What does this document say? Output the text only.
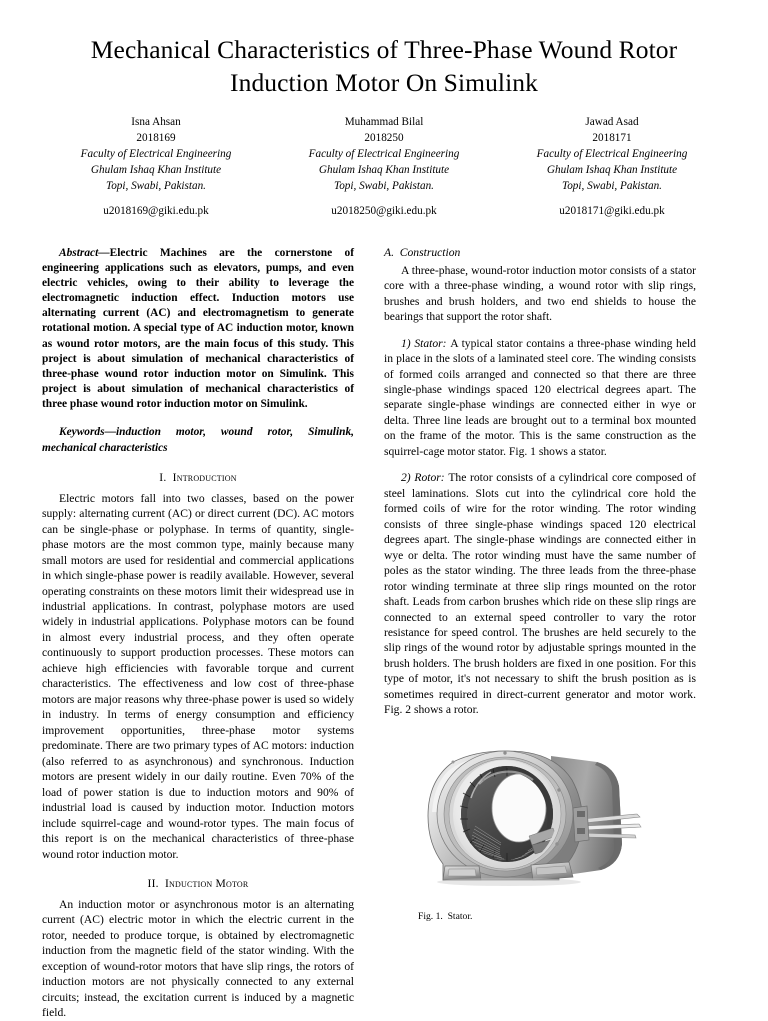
Mechanical Characteristics of Three-Phase Wound Rotor Induction Motor On Simulink
Isna Ahsan
2018169
Faculty of Electrical Engineering
Ghulam Ishaq Khan Institute
Topi, Swabi, Pakistan.
u2018169@giki.edu.pk
Muhammad Bilal
2018250
Faculty of Electrical Engineering
Ghulam Ishaq Khan Institute
Topi, Swabi, Pakistan.
u2018250@giki.edu.pk
Jawad Asad
2018171
Faculty of Electrical Engineering
Ghulam Ishaq Khan Institute
Topi, Swabi, Pakistan.
u2018171@giki.edu.pk

Abstract—Electric Machines are the cornerstone of engineering applications such as elevators, pumps, and even electric vehicles, owing to their ability to leverage the electromagnetic induction effect. Induction motors use alternating current (AC) and electromagnetism to generate rotational motion. A special type of AC induction motor, known as wound rotor motors, are the main focus of this study. This project is about simulation of mechanical characteristics of three-phase wound rotor induction motor on Simulink. This project is about simulation of mechanical characteristics of three phase wound rotor induction motor on Simulink.

Keywords—induction motor, wound rotor, Simulink, mechanical characteristics

I. Introduction

Electric motors fall into two classes, based on the power supply: alternating current (AC) or direct current (DC). AC motors can be single-phase or polyphase. In terms of quantity, single-phase motors are the most common type, mainly because many small motors are used for residential and commercial applications in which single-phase power is readily available. However, several operating constraints on these motors limit their widespread use in industrial applications. In contrast, polyphase motors are used widely in industrial applications. Polyphase motors can be found in almost every industrial process, and they often operate continuously to support production processes. These motors can achieve high efficiencies with favorable torque and current characteristics. The effectiveness and low cost of three-phase motors are major reasons why three-phase power is used so widely in industry. In terms of energy consumption and efficiency improvement opportunities, three-phase motor systems predominate. There are two primary types of AC motors: induction (also referred to as asynchronous) and synchronous. Induction motors are present widely in our daily routine. Even 70% of the load of power station is due to induction motors and 90% of industrial load is caused by induction motor. Induction motors include squirrel-cage and wound-rotor types. The main focus of this report is on the mechanical characteristics of three-phase wound rotor induction motor.

II. Induction Motor

An induction motor or asynchronous motor is an alternating current (AC) electric motor in which the electric current in the rotor, needed to produce torque, is obtained by electromagnetic induction from the magnetic field of the stator winding. With the exception of wound-rotor motors that have slip rings, the rotors of induction motors are not physically connected to any external circuits; instead, the excitation current is induced by a magnetic field.

A. Construction

A three-phase, wound-rotor induction motor consists of a stator core with a three-phase winding, a wound rotor with slip rings, brushes and brush holders, and two end shields to house the bearings that support the rotor shaft.

1) Stator: A typical stator contains a three-phase winding held in place in the slots of a laminated steel core. The winding consists of formed coils arranged and connected so that there are three single-phase windings spaced 120 electrical degrees apart. The separate single-phase windings are connected either in wye or delta. Three line leads are brought out to a terminal box mounted on the frame of the motor. This is the same construction as the squirrel-cage motor stator. Fig. 1 shows a stator.

2) Rotor: The rotor consists of a cylindrical core composed of steel laminations. Slots cut into the cylindrical core hold the formed coils of wire for the rotor winding. The rotor winding consists of three single-phase windings spaced 120 electrical degrees apart. The single-phase windings are connected either in wye or delta. The rotor winding must have the same number of poles as the stator winding. The three leads from the three-phase rotor winding terminate at three slip rings mounted on the rotor shaft. Leads from carbon brushes which ride on these slip rings are connected to an external speed controller to vary the rotor resistance for speed control. The brushes are held securely to the slip rings of the wound rotor by adjustable springs mounted in the brush holders. The brush holders are fixed in one position. For this type of motor, it's not necessary to shift the brush position as is sometimes required in direct-current generator and motor work. Fig. 2 shows a rotor.

Fig. 1. Stator.
